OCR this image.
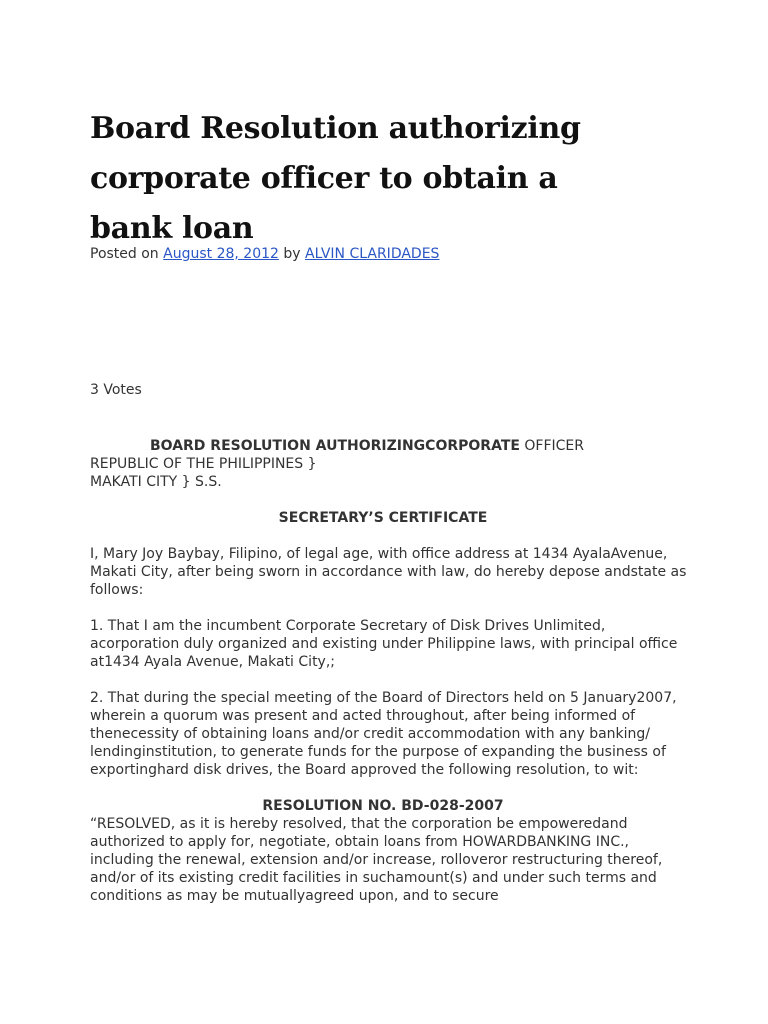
Board Resolution authorizing corporate officer to obtain a bank loan
Posted on August 28, 2012 by ALVIN CLARIDADES
3 Votes

BOARD RESOLUTION AUTHORIZINGCORPORATE OFFICER

REPUBLIC OF THE PHILIPPINES }

MAKATI CITY } S.S.

SECRETARY’S CERTIFICATE

I, Mary Joy Baybay, Filipino, of legal age, with office address at 1434 AyalaAvenue, Makati City, after being sworn in accordance with law, do hereby depose andstate as follows:

1. That I am the incumbent Corporate Secretary of Disk Drives Unlimited, acorporation duly organized and existing under Philippine laws, with principal office at1434 Ayala Avenue, Makati City,;

2. That during the special meeting of the Board of Directors held on 5 January2007, wherein a quorum was present and acted throughout, after being informed of thenecessity of obtaining loans and/or credit accommodation with any banking/ lendinginstitution, to generate funds for the purpose of expanding the business of exportinghard disk drives, the Board approved the following resolution, to wit:

RESOLUTION NO. BD-028-2007

“RESOLVED, as it is hereby resolved, that the corporation be empoweredand authorized to apply for, negotiate, obtain loans from HOWARDBANKING INC., including the renewal, extension and/or increase, rolloveror restructuring thereof, and/or of its existing credit facilities in suchamount(s) and under such terms and conditions as may be mutuallyagreed upon, and to secure
